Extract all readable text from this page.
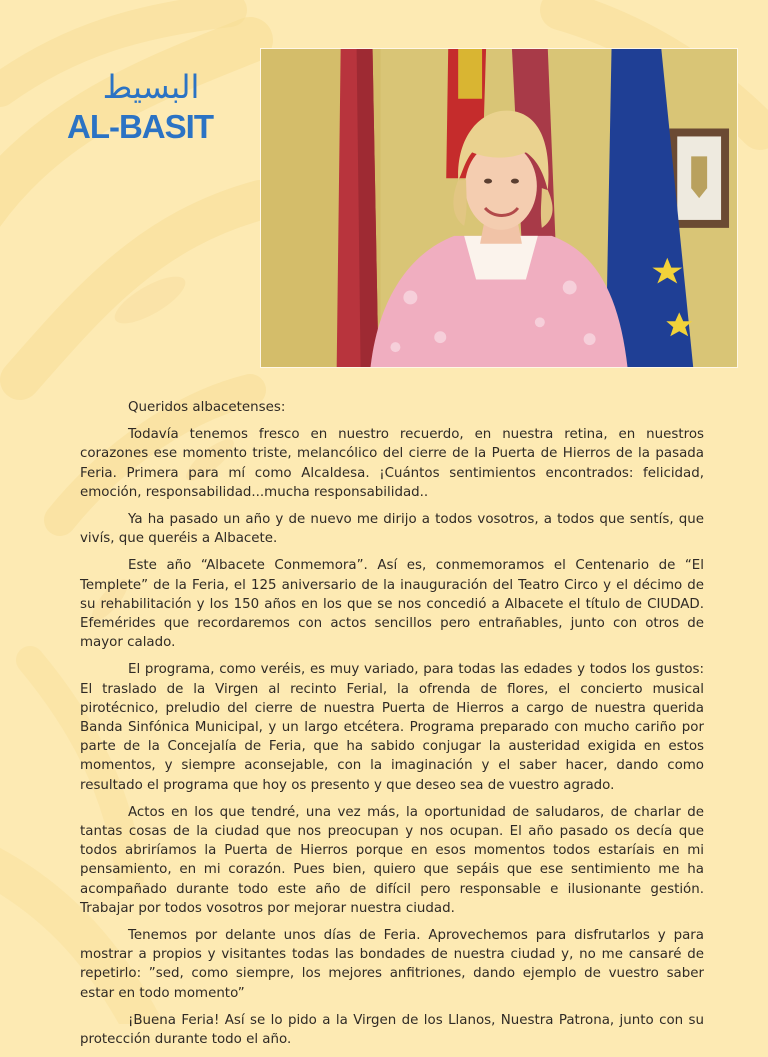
البسيط
AL-BASIT

Queridos albacetenses:

Todavía tenemos fresco en nuestro recuerdo, en nuestra retina, en nuestros corazones ese momento triste, melancólico del cierre de la Puerta de Hierros de la pasada Feria. Primera para mí como Alcaldesa. ¡Cuántos sentimientos encontrados: felicidad, emoción, responsabilidad...mucha responsabilidad..

Ya ha pasado un año y de nuevo me dirijo a todos vosotros, a todos que sentís, que vivís, que queréis a Albacete.

Este año “Albacete Conmemora”. Así es, conmemoramos el Centenario de “El Templete” de la Feria, el 125 aniversario de la inauguración del Teatro Circo y el décimo de su rehabilitación y los 150 años en los que se nos concedió a Albacete el título de CIUDAD. Efemérides que recordaremos con actos sencillos pero entrañables, junto con otros de mayor calado.

El programa, como veréis, es muy variado, para todas las edades y todos los gustos: El traslado de la Virgen al recinto Ferial, la ofrenda de flores, el concierto musical pirotécnico, preludio del cierre de nuestra Puerta de Hierros a cargo de nuestra querida Banda Sinfónica Municipal, y un largo etcétera. Programa preparado con mucho cariño por parte de la Concejalía de Feria, que ha sabido conjugar la austeridad exigida en estos momentos, y siempre aconsejable, con la imaginación y el saber hacer, dando como resultado el programa que hoy os presento y que deseo sea de vuestro agrado.

Actos en los que tendré, una vez más, la oportunidad de saludaros, de charlar de tantas cosas de la ciudad que nos preocupan y nos ocupan. El año pasado os decía que todos abriríamos la Puerta de Hierros porque en esos momentos todos estaríais en mi pensamiento, en mi corazón. Pues bien, quiero que sepáis que ese sentimiento me ha acompañado durante todo este año de difícil pero responsable e ilusionante gestión. Trabajar por todos vosotros por mejorar nuestra ciudad.

Tenemos por delante unos días de Feria. Aprovechemos para disfrutarlos y para mostrar a propios y visitantes todas las bondades de nuestra ciudad y, no me cansaré de repetirlo: ”sed, como siempre, los mejores anfitriones, dando ejemplo de vuestro saber estar en todo momento”

¡Buena Feria! Así se lo pido a la Virgen de los Llanos, Nuestra Patrona, junto con su protección durante todo el año.
